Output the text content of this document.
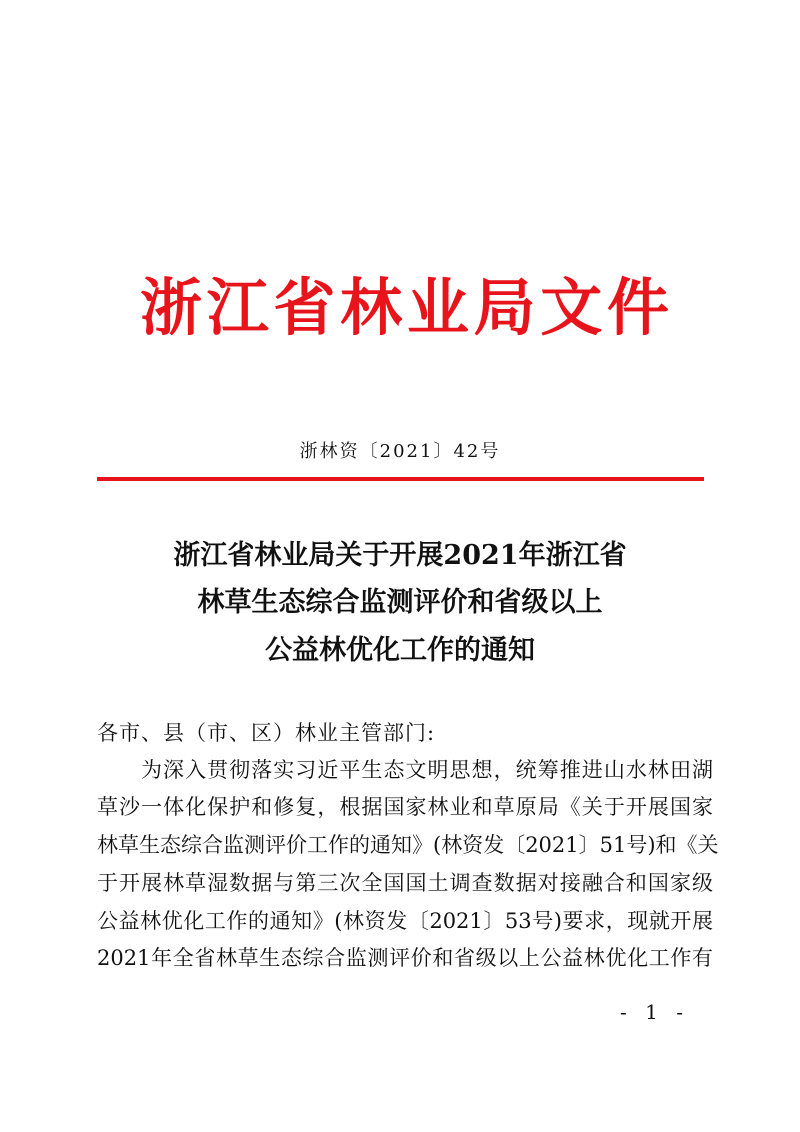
浙江省林业局文件
浙林资〔2021〕42号
浙江省林业局关于开展2021年浙江省
林草生态综合监测评价和省级以上
公益林优化工作的通知
各市、县（市、区）林业主管部门:
为深入贯彻落实习近平生态文明思想，统筹推进山水林田湖
草沙一体化保护和修复，根据国家林业和草原局《关于开展国家
林草生态综合监测评价工作的通知》(林资发〔2021〕51号)和《关
于开展林草湿数据与第三次全国国土调查数据对接融合和国家级
公益林优化工作的通知》(林资发〔2021〕53号)要求，现就开展
2021年全省林草生态综合监测评价和省级以上公益林优化工作有
- 1 -
